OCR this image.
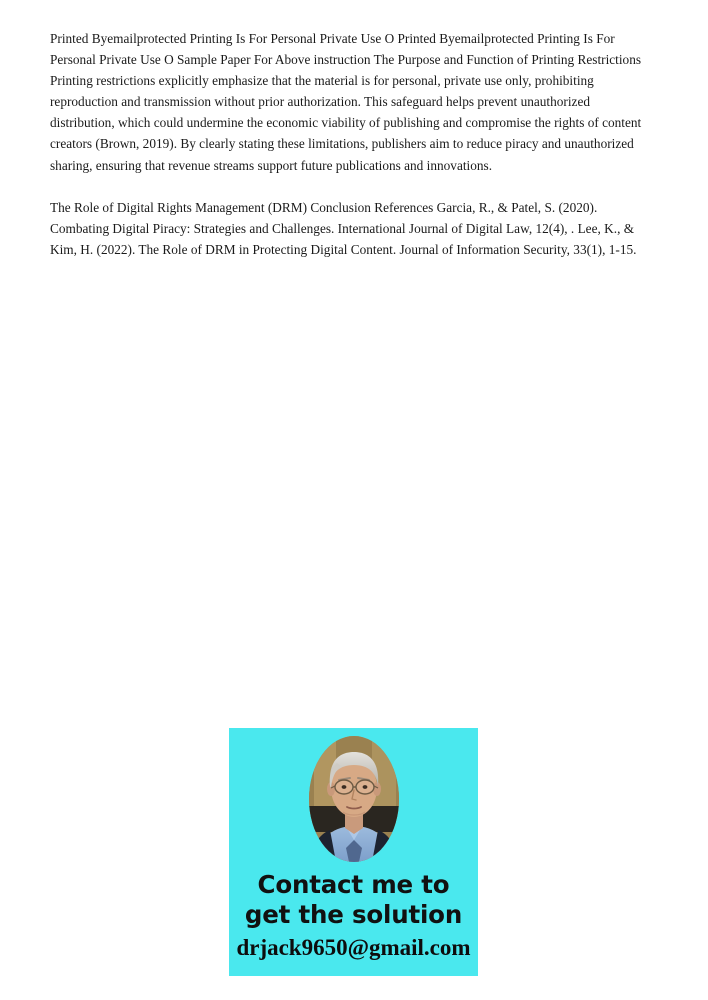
Printed Byemailprotected Printing Is For Personal Private Use O Printed Byemailprotected Printing Is For Personal Private Use O Sample Paper For Above instruction The Purpose and Function of Printing Restrictions Printing restrictions explicitly emphasize that the material is for personal, private use only, prohibiting reproduction and transmission without prior authorization. This safeguard helps prevent unauthorized distribution, which could undermine the economic viability of publishing and compromise the rights of content creators (Brown, 2019). By clearly stating these limitations, publishers aim to reduce piracy and unauthorized sharing, ensuring that revenue streams support future publications and innovations.

The Role of Digital Rights Management (DRM) Conclusion References Garcia, R., & Patel, S. (2020). Combating Digital Piracy: Strategies and Challenges. International Journal of Digital Law, 12(4), . Lee, K., & Kim, H. (2022). The Role of DRM in Protecting Digital Content. Journal of Information Security, 33(1), 1-15.

Contact me to
get the solution
drjack9650@gmail.com
